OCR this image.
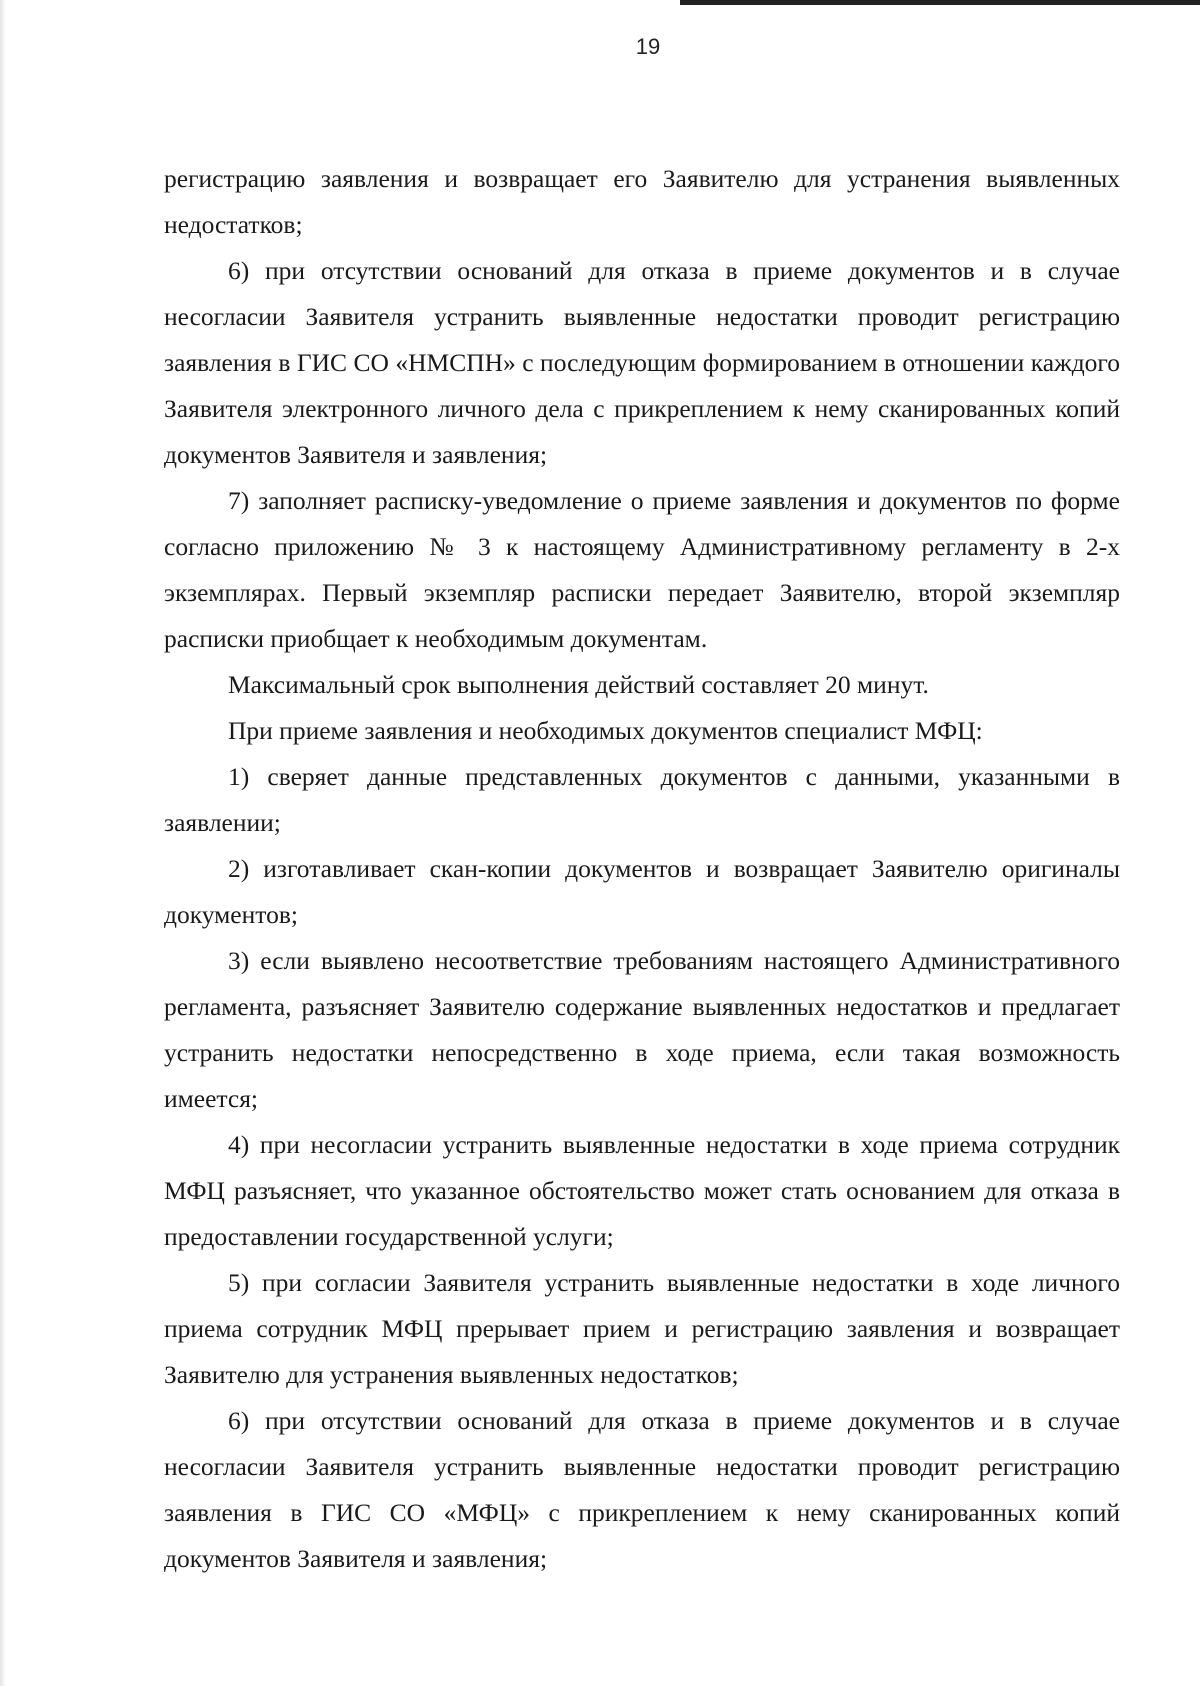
19

регистрацию заявления и возвращает его Заявителю для устранения выявленных недостатков;

6) при отсутствии оснований для отказа в приеме документов и в случае несогласии Заявителя устранить выявленные недостатки проводит регистрацию заявления в ГИС СО «НМСПН» с последующим формированием в отношении каждого Заявителя электронного личного дела с прикреплением к нему сканированных копий документов Заявителя и заявления;

7) заполняет расписку-уведомление о приеме заявления и документов по форме согласно приложению № 3 к настоящему Административному регламенту в 2-х экземплярах. Первый экземпляр расписки передает Заявителю, второй экземпляр расписки приобщает к необходимым документам.

Максимальный срок выполнения действий составляет 20 минут.

При приеме заявления и необходимых документов специалист МФЦ:

1) сверяет данные представленных документов с данными, указанными в заявлении;

2) изготавливает скан-копии документов и возвращает Заявителю оригиналы документов;

3) если выявлено несоответствие требованиям настоящего Административного регламента, разъясняет Заявителю содержание выявленных недостатков и предлагает устранить недостатки непосредственно в ходе приема, если такая возможность имеется;

4) при несогласии устранить выявленные недостатки в ходе приема сотрудник МФЦ разъясняет, что указанное обстоятельство может стать основанием для отказа в предоставлении государственной услуги;

5) при согласии Заявителя устранить выявленные недостатки в ходе личного приема сотрудник МФЦ прерывает прием и регистрацию заявления и возвращает Заявителю для устранения выявленных недостатков;

6) при отсутствии оснований для отказа в приеме документов и в случае несогласии Заявителя устранить выявленные недостатки проводит регистрацию заявления в ГИС СО «МФЦ» с прикреплением к нему сканированных копий документов Заявителя и заявления;
